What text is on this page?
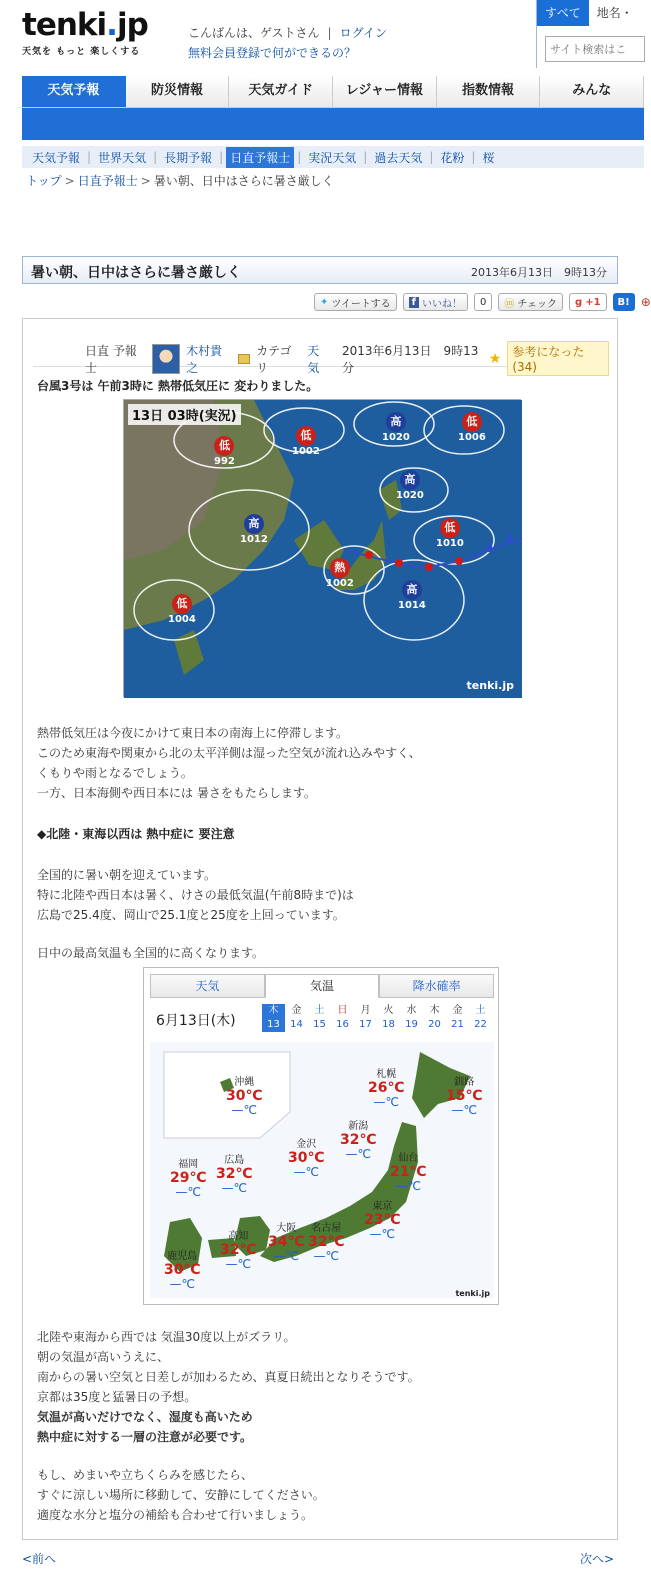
tenki.jp
天気を もっと 楽しくする
こんばんは、ゲストさん | ログイン
無料会員登録で何ができるの？
すべて	地名・
サイト検索はこ
天気予報	防災情報	天気ガイド	レジャー情報	指数情報	みんな
天気予報 | 世界天気 | 長期予報 | 日直予報士 | 実況天気 | 過去天気 | 花粉 | 桜
トップ > 日直予報士 > 暑い朝、日中はさらに暑さ厳しく
暑い朝、日中はさらに暑さ厳しく	2013年6月13日　9時13分
✦ ツイートする	f いいね！	0	ⓜ チェック g +1	B! ⊕
日直 予報士
木村貴之
カテゴリ
天気
2013年6月13日　9時13分
★ 参考になった(34)
台風3号は 午前3時に 熱帯低気圧に 変わりました。
13日 03時(実況)
低
992
低
1002
高
1020
低
1006
高
1020
高
1012
低
1010
熱
1002	高
1014
低
1004
tenki.jp

熱帯低気圧は今夜にかけて東日本の南海上に停滞します。

このため東海や関東から北の太平洋側は湿った空気が流れ込みやすく、

くもりや雨となるでしょう。

一方、日本海側や西日本には 暑さをもたらします。

◆北陸・東海以西は 熱中症に 要注意

全国的に暑い朝を迎えています。

特に北陸や西日本は暑く、けさの最低気温(午前8時まで)は

広島で25.4度、岡山で25.1度と25度を上回っています。

日中の最高気温も全国的に高くなります。

天気	気温	降水確率
6月13日(木)
木
13
金
14
土
15
日
16
月
17
火
18
水
19
木
20
金
21
土
22
沖縄
30℃
—℃
札幌
26℃
—℃
釧路
15℃
—℃
新潟
32℃
—℃
金沢
30℃
—℃
仙台
21℃
—℃
福岡
29℃
—℃
広島
32℃
—℃
東京
23℃
—℃
高知
32℃
—℃
大阪
34℃
—℃
名古屋
32℃
—℃
鹿児島
30℃
—℃
tenki.jp

北陸や東海から西では 気温30度以上がズラリ。

朝の気温が高いうえに、

南からの暑い空気と日差しが加わるため、真夏日続出となりそうです。

京都は35度と猛暑日の予想。

気温が高いだけでなく、湿度も高いため

熱中症に対する一層の注意が必要です。

もし、めまいや立ちくらみを感じたら、

すぐに涼しい場所に移動して、安静にしてください。

適度な水分と塩分の補給も合わせて行いましょう。

<前へ	次へ>
